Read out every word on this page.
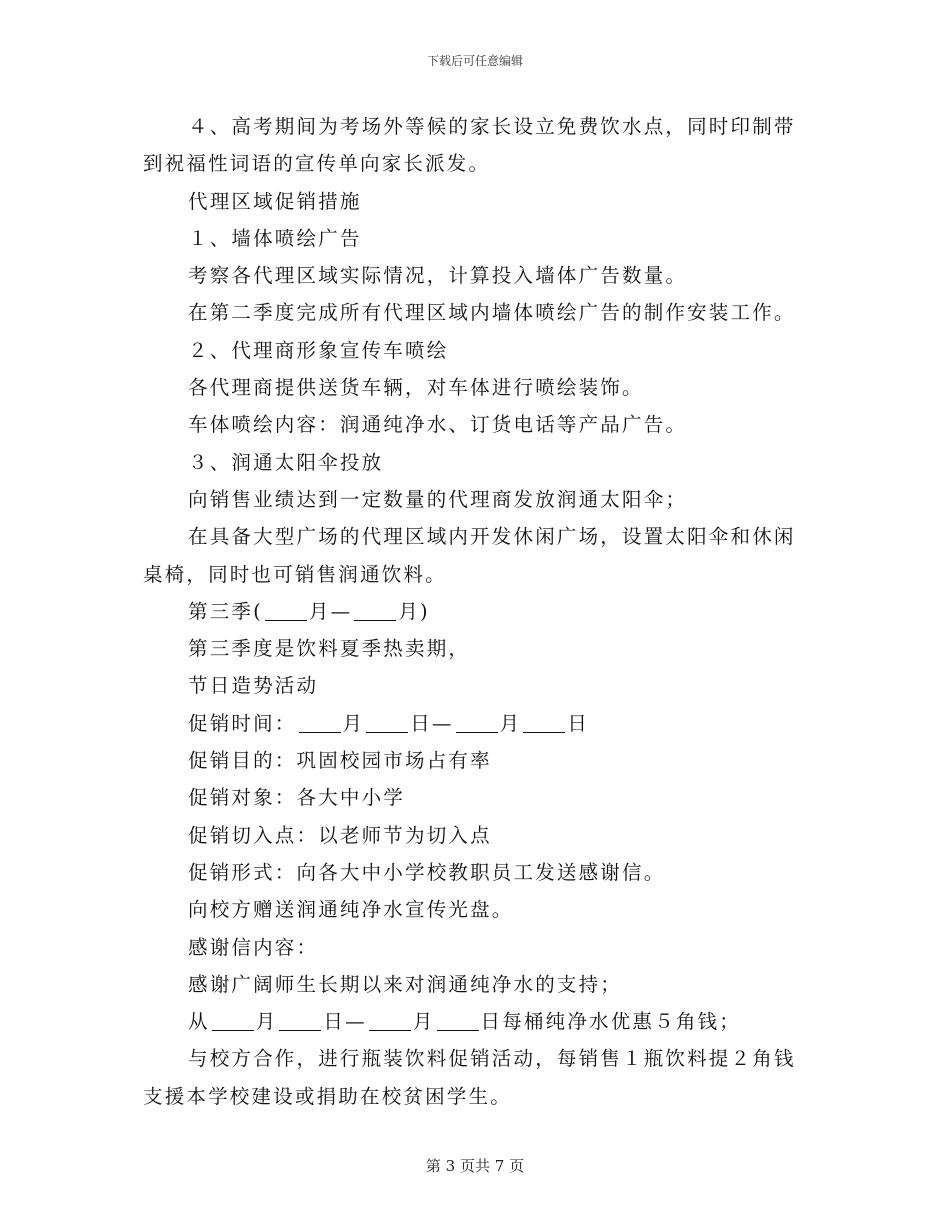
下载后可任意编辑
４、高考期间为考场外等候的家长设立免费饮水点，同时印制带
到祝福性词语的宣传单向家长派发。
代理区域促销措施
１、墙体喷绘广告
考察各代理区域实际情况，计算投入墙体广告数量。
在第二季度完成所有代理区域内墙体喷绘广告的制作安装工作。
２、代理商形象宣传车喷绘
各代理商提供送货车辆，对车体进行喷绘装饰。
车体喷绘内容：润通纯净水、订货电话等产品广告。
３、润通太阳伞投放
向销售业绩达到一定数量的代理商发放润通太阳伞；
在具备大型广场的代理区域内开发休闲广场，设置太阳伞和休闲
桌椅，同时也可销售润通饮料。
第三季( 月— 月)
第三季度是饮料夏季热卖期，
节日造势活动
促销时间： 月 日— 月 日
促销目的：巩固校园市场占有率
促销对象：各大中小学
促销切入点：以老师节为切入点
促销形式：向各大中小学校教职员工发送感谢信。
向校方赠送润通纯净水宣传光盘。
感谢信内容：
感谢广阔师生长期以来对润通纯净水的支持；
从 月 日— 月 日每桶纯净水优惠５角钱；
与校方合作，进行瓶装饮料促销活动，每销售１瓶饮料提２角钱
支援本学校建设或捐助在校贫困学生。
第 3 页共 7 页
